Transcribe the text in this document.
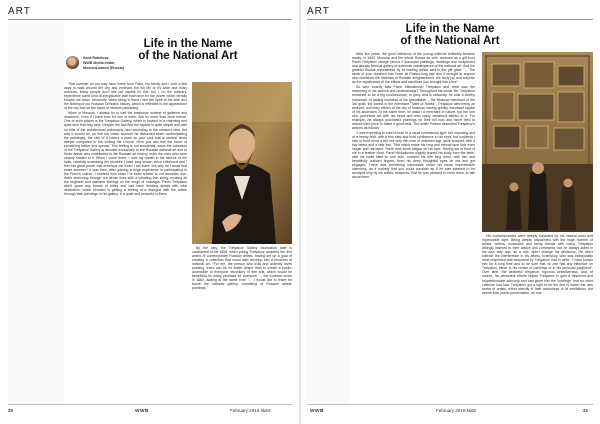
ART
Life in the Name
of the National Art
Ilona Rakolova
WWB Media editor,
Moscow-based (Russia)

That summer on our way back home from Paris, my family and I took a few days to walk around the city and embrace the full life of it's wide and noisy avenues. Many people don't like our capital for this, but I, on the contrary, experience some kind of inexplicable awe each time for the power which literally knocks me down. Moreover, when being in there I feel the spirit of the time and the flowing of our Russian Orthodox history, which is reflected in the appearance of the city and on the faces of random passersby.

When in Moscow, I always try to visit the maximum number of galleries and museums, even if I have time for one of them. But for more than once before. One of such places is the Tretyakov Gallery, which is located in a charming and quiet lane that only lane. Despite the fact that the façade is quite simple and with no frills of the architectural philosophy (and according to the creator's idea, the way it should be, so that the visitor wouldn't be distracted when contemplating the paintings), the visit of it leaves a mark on your soul that is several times deeper compared to the visiting the Louvre. Here you can feel the touch of something native and special. This feeling is not accidental, since the collection of the Tretyakov Gallery is devoted exclusively to the Russian national art and to those artists who contributed to the Russian art history, even the ones who were closely related to it. When I come there, I hold my breath in the silence of the halls, carefully examining the pictures I have long known since childhood and I feel this great power that envelops me when I am there, but why do I recall that exact summer? It was then, after gaining a huge experience in participating in the French culture, I realized how close I've been related to our domestic one, that's stretching through our whole lives with a vibrating thin string, evoking all the brightest and warmest feelings on the verge of nostalgia. Pavel Tretyakov didn't spare any breath or trifles and had been thinking ahead with total dedication, which resulted in getting a feeling of a dialogue with the artists through their paintings in his gallery. It is quiet and peaceful in there.

By the way, the Tretyakov Gallery foundation date is considered to be 1856, when young Tretyakov acquired the first works of contemporary Russian artists, having set up a goal of creating a collection that could later develop into a museum of national art. "For me, the person who truly and ardently loves painting, there can be no better desire than to create a public, accessible to everyone repository of fine arts, which would be beneficial for many, pleasant for everyone," – the collector wrote in 1860, adding at the same time: "... I would like to leave for future the national gallery, consisting of Russian artists' paintings."

20	WWB	February 2019 №82
ART
Life in the Name
of the National Art

After five years, the good intentions of the young collector brilliantly became reality. In 1892, Moscow and the whole Russia as well, received as a gift from Pavel Tretyakov charge (about 2 thousand paintings, drawings and sculptures) and already famous gallery of authentic masterpieces of the national art. And the grateful Russia represented by its leading artists said to the gift giver: "... The news of your donation has flown all Russia long ago and it brought to anyone who cherishes the interests of Russian enlightenment, the lively joy and surprise as the significance of the efforts and sacrifices you brought into it live".

So who exactly was Pavel Mikhailovich Tretyakov and what was the reasoning in his actions and undertakings? Throughout his whole life, Tretyakov remained to be a big businessman, in glory and in obscurity, he was a worthy successor of trading business of his grandfather – the Moscow merchant of the 3rd guild, the lowest in the merchant "Table of Ranks". Tretyakov died being an eminent, honorary citizen of the city of Moscow, having greatly increased capital of his ancestors. At the same time, he wasn't a merchant in nature, but the one who perceived art with his heart and who really remained faithful to it. For example, he always purchased paintings for their full cost and never tried to reduce their price to make a good deal. The writer Polevoi describes Tretyakov's actions as follows:

"I was expecting to meet a man of a usual commercial type: tall, imposing and of a hearty built, with a firm step and bold confidence in his eyes, but suddenly I saw in front of me a tall, but very thin man of unknown age, quite stooped, with a tidy beard and a little thin. That which made his long and narrow face look even longer and narrower. There was some fatigue on his face. Having set in front of me in a leather chair, Pavel Mikhailovich slightly leaned his body from the table, with his head tilted to one side, crossed his thin long arms, with thin and beautifully outlined fingers, fixed his deep thoughtful eyes on me and got engaged. There was something inscrutable under his usual impenetrable calmness, as if nothing that you could consider as if he was pleased to be annoyed only by his artistic treasures, that he was pleased to show them, to talk about them".

His contemporaries were deeply surprised by his natural mind and impeccable style. Being deeply acquainted with the huge number of artists, writers, musicians and being friends with many, Tretyakov willingly listened to their advice and comments, but he always acted in his own way and, as a rule, didn't change his decisions. He didn't tolerate the interference in his affairs. Kramskoy, who was indisputably most respected and welcomed by Tretyakov, had to write: "I have known him for a long time and to be sure that no one has any influence on Tretyakov, either in his choice of paintings or in his personal judgment". Over time, the aesthetic elegance, rigorous selectiveness, and, of course, his persistent efforts helped Tretyakov to gain a deserved and unquestionable authority and had given him the "privilege" that no other collector had had: Tretyakov got a right to be the first to watch the new works of artists, either directly in their workshops or at exhibitions, but before their public presentation, as one.

WWB	February 2019 №82	21
